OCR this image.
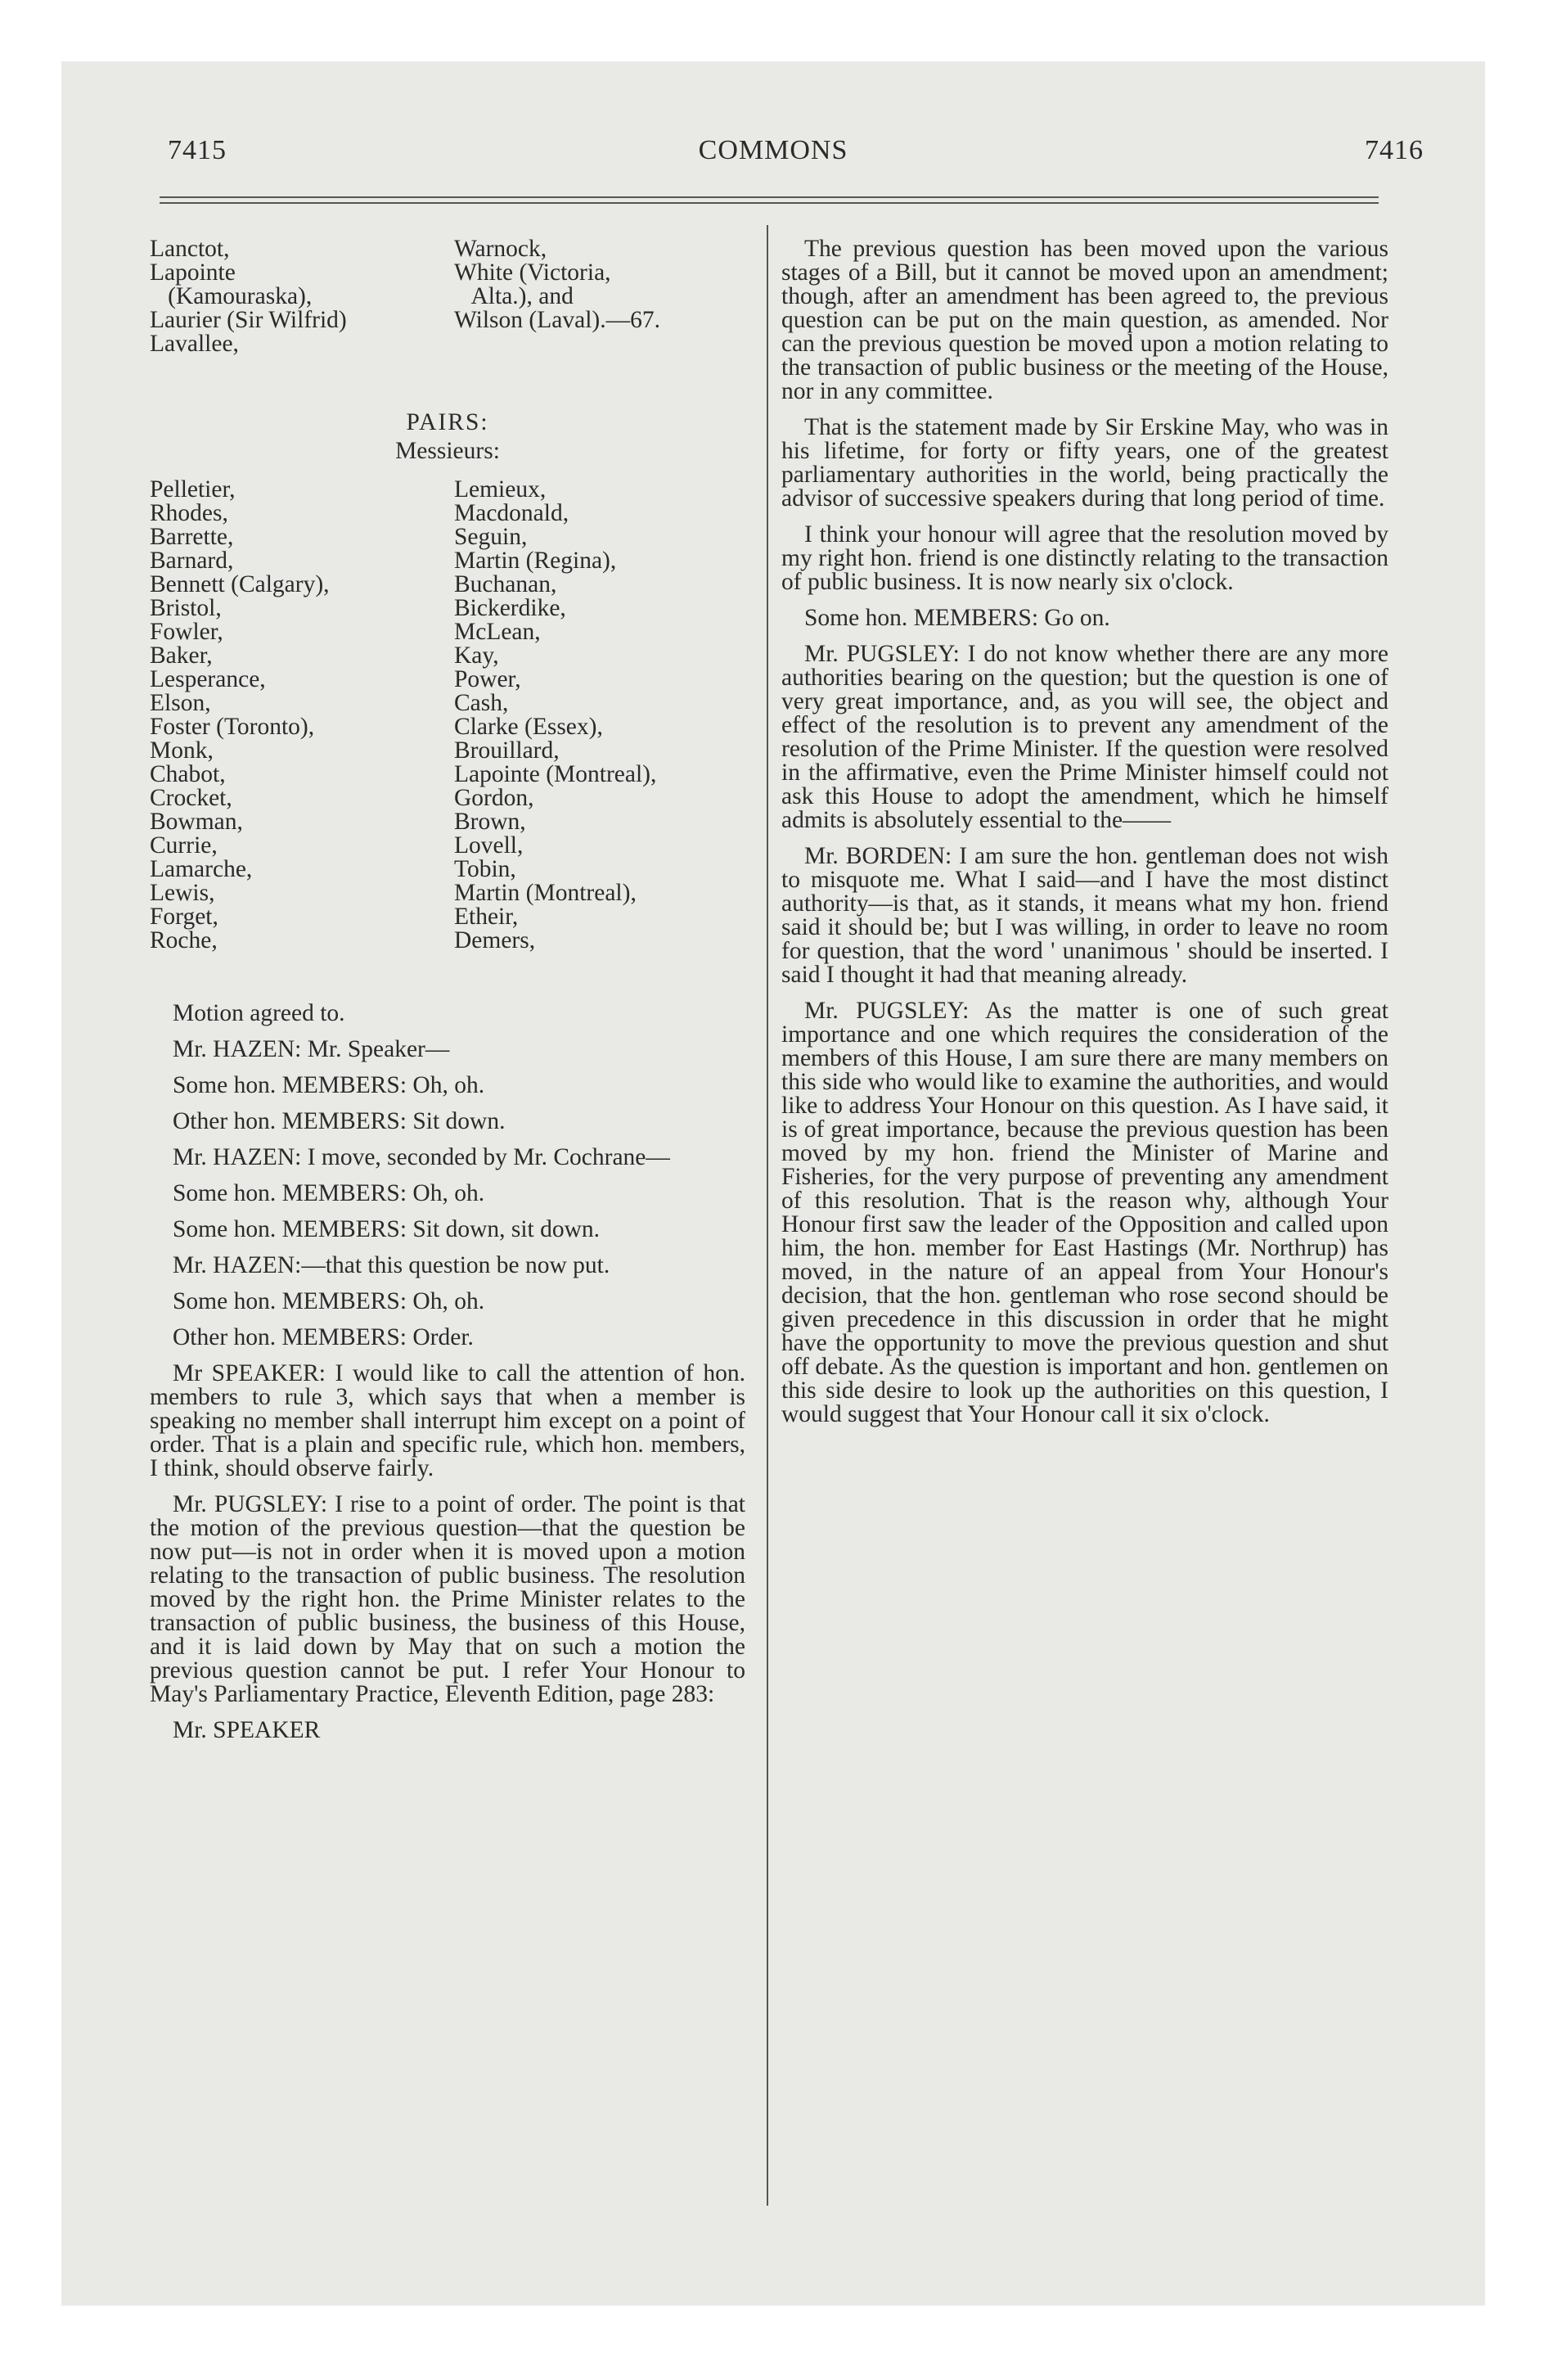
7415	COMMONS	7416
Lanctot,
Lapointe
(Kamouraska),
Laurier (Sir Wilfrid)
Lavallee,
Warnock,
White (Victoria,
Alta.), and
Wilson (Laval).—67.
PAIRS:
Messieurs:
Pelletier,
Rhodes,
Barrette,
Barnard,
Bennett (Calgary),
Bristol,
Fowler,
Baker,
Lesperance,
Elson,
Foster (Toronto),
Monk,
Chabot,
Crocket,
Bowman,
Currie,
Lamarche,
Lewis,
Forget,
Roche,
Lemieux,
Macdonald,
Seguin,
Martin (Regina),
Buchanan,
Bickerdike,
McLean,
Kay,
Power,
Cash,
Clarke (Essex),
Brouillard,
Lapointe (Montreal),
Gordon,
Brown,
Lovell,
Tobin,
Martin (Montreal),
Etheir,
Demers,

Motion agreed to.

Mr. HAZEN: Mr. Speaker—

Some hon. MEMBERS: Oh, oh.

Other hon. MEMBERS: Sit down.

Mr. HAZEN: I move, seconded by Mr. Cochrane—

Some hon. MEMBERS: Oh, oh.

Some hon. MEMBERS: Sit down, sit down.

Mr. HAZEN:—that this question be now put.

Some hon. MEMBERS: Oh, oh.

Other hon. MEMBERS: Order.

Mr SPEAKER: I would like to call the attention of hon. members to rule 3, which says that when a member is speaking no member shall interrupt him except on a point of order. That is a plain and specific rule, which hon. members, I think, should observe fairly.

Mr. PUGSLEY: I rise to a point of order. The point is that the motion of the previous question—that the question be now put—is not in order when it is moved upon a motion relating to the transaction of public business. The resolution moved by the right hon. the Prime Minister relates to the transaction of public business, the business of this House, and it is laid down by May that on such a motion the previous question cannot be put. I refer Your Honour to May's Parliamentary Practice, Eleventh Edition, page 283:

Mr. SPEAKER

The previous question has been moved upon the various stages of a Bill, but it cannot be moved upon an amendment; though, after an amendment has been agreed to, the previous question can be put on the main question, as amended. Nor can the previous question be moved upon a motion relating to the transaction of public business or the meeting of the House, nor in any committee.

That is the statement made by Sir Erskine May, who was in his lifetime, for forty or fifty years, one of the greatest parliamentary authorities in the world, being practically the advisor of successive speakers during that long period of time.

I think your honour will agree that the resolution moved by my right hon. friend is one distinctly relating to the transaction of public business. It is now nearly six o'clock.

Some hon. MEMBERS: Go on.

Mr. PUGSLEY: I do not know whether there are any more authorities bearing on the question; but the question is one of very great importance, and, as you will see, the object and effect of the resolution is to prevent any amendment of the resolution of the Prime Minister. If the question were resolved in the affirmative, even the Prime Minister himself could not ask this House to adopt the amendment, which he himself admits is absolutely essential to the——

Mr. BORDEN: I am sure the hon. gentleman does not wish to misquote me. What I said—and I have the most distinct authority—is that, as it stands, it means what my hon. friend said it should be; but I was willing, in order to leave no room for question, that the word ' unanimous ' should be inserted. I said I thought it had that meaning already.

Mr. PUGSLEY: As the matter is one of such great importance and one which requires the consideration of the members of this House, I am sure there are many members on this side who would like to examine the authorities, and would like to address Your Honour on this question. As I have said, it is of great importance, because the previous question has been moved by my hon. friend the Minister of Marine and Fisheries, for the very purpose of preventing any amendment of this resolution. That is the reason why, although Your Honour first saw the leader of the Opposition and called upon him, the hon. member for East Hastings (Mr. Northrup) has moved, in the nature of an appeal from Your Honour's decision, that the hon. gentleman who rose second should be given precedence in this discussion in order that he might have the opportunity to move the previous question and shut off debate. As the question is important and hon. gentlemen on this side desire to look up the authorities on this question, I would suggest that Your Honour call it six o'clock.
